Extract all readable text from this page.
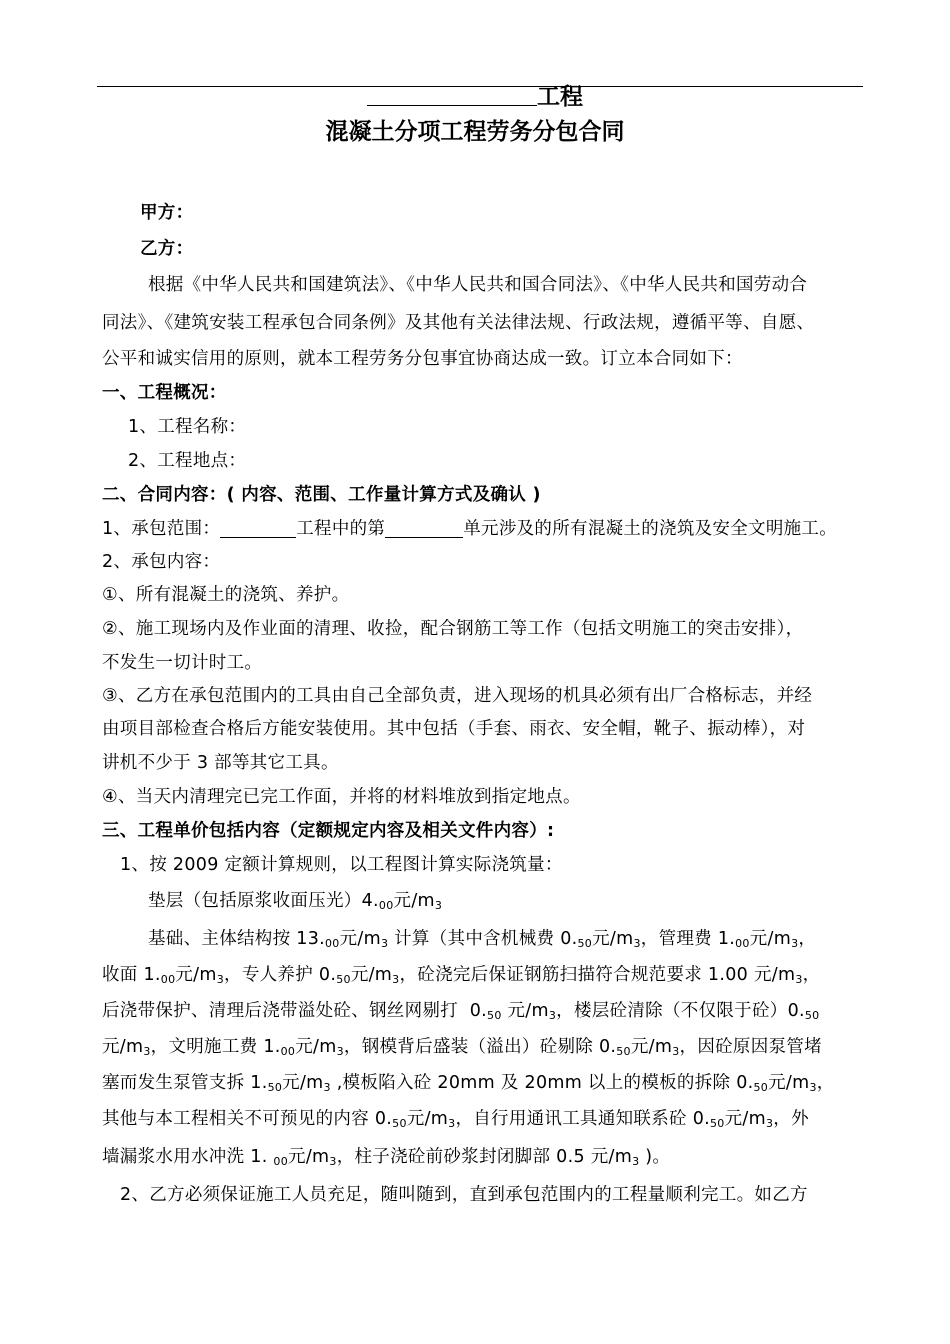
工程
混凝土分项工程劳务分包合同
甲方：
乙方：
根据《中华人民共和国建筑法》、《中华人民共和国合同法》、《中华人民共和国劳动合
同法》、《建筑安装工程承包合同条例》及其他有关法律法规、行政法规，遵循平等、自愿、
公平和诚实信用的原则，就本工程劳务分包事宜协商达成一致。订立本合同如下：
一、工程概况：
1、工程名称：
2、工程地点：
二、合同内容：( 内容、范围、工作量计算方式及确认 )
1、承包范围：	工程中的第	单元涉及的所有混凝土的浇筑及安全文明施工。
2、承包内容：
①、所有混凝土的浇筑、养护。
②、施工现场内及作业面的清理、收捡，配合钢筋工等工作（包括文明施工的突击安排），
不发生一切计时工。
③、乙方在承包范围内的工具由自己全部负责，进入现场的机具必须有出厂合格标志，并经
由项目部检查合格后方能安装使用。其中包括（手套、雨衣、安全帽，靴子、振动棒），对
讲机不少于 3 部等其它工具。
④、当天内清理完已完工作面，并将的材料堆放到指定地点。
三、工程单价包括内容（定额规定内容及相关文件内容）:
1、按 2009 定额计算规则，以工程图计算实际浇筑量：
垫层（包括原浆收面压光）$4._{00}$元$/m_3$
基础、主体结构按 $13._{00}$元$/m_3$ 计算（其中含机械费 $0._{50}$元$/m_3$，管理费 $1._{00}$元$/m_3$，
收面 $1._{00}$元$/m_3$，专人养护 $0._{50}$元$/m_3$，砼浇完后保证钢筋扫描符合规范要求 1.00 元$/m_3$，
后浇带保护、清理后浇带溢处砼、钢丝网剔打  $0._{50}$ 元$/m_3$，楼层砼清除（不仅限于砼）$0._{50}$
元$/m_3$，文明施工费 $1._{00}$元$/m_3$，钢模背后盛装（溢出）砼剔除 $0._{50}$元$/m_3$，因砼原因泵管堵
塞而发生泵管支拆 $1._{50}$元$/m_3$ ,模板陷入砼 20mm 及 20mm 以上的模板的拆除 $0._{50}$元$/m_3$，
其他与本工程相关不可预见的内容 $0._{50}$元$/m_3$，自行用通讯工具通知联系砼 $0._{50}$元$/m_3$，外
墙漏浆水用水冲洗 1. $_{00}$元$/m_3$，柱子浇砼前砂浆封闭脚部 0.5 元$/m_3$ )。
2、乙方必须保证施工人员充足，随叫随到，直到承包范围内的工程量顺利完工。如乙方
